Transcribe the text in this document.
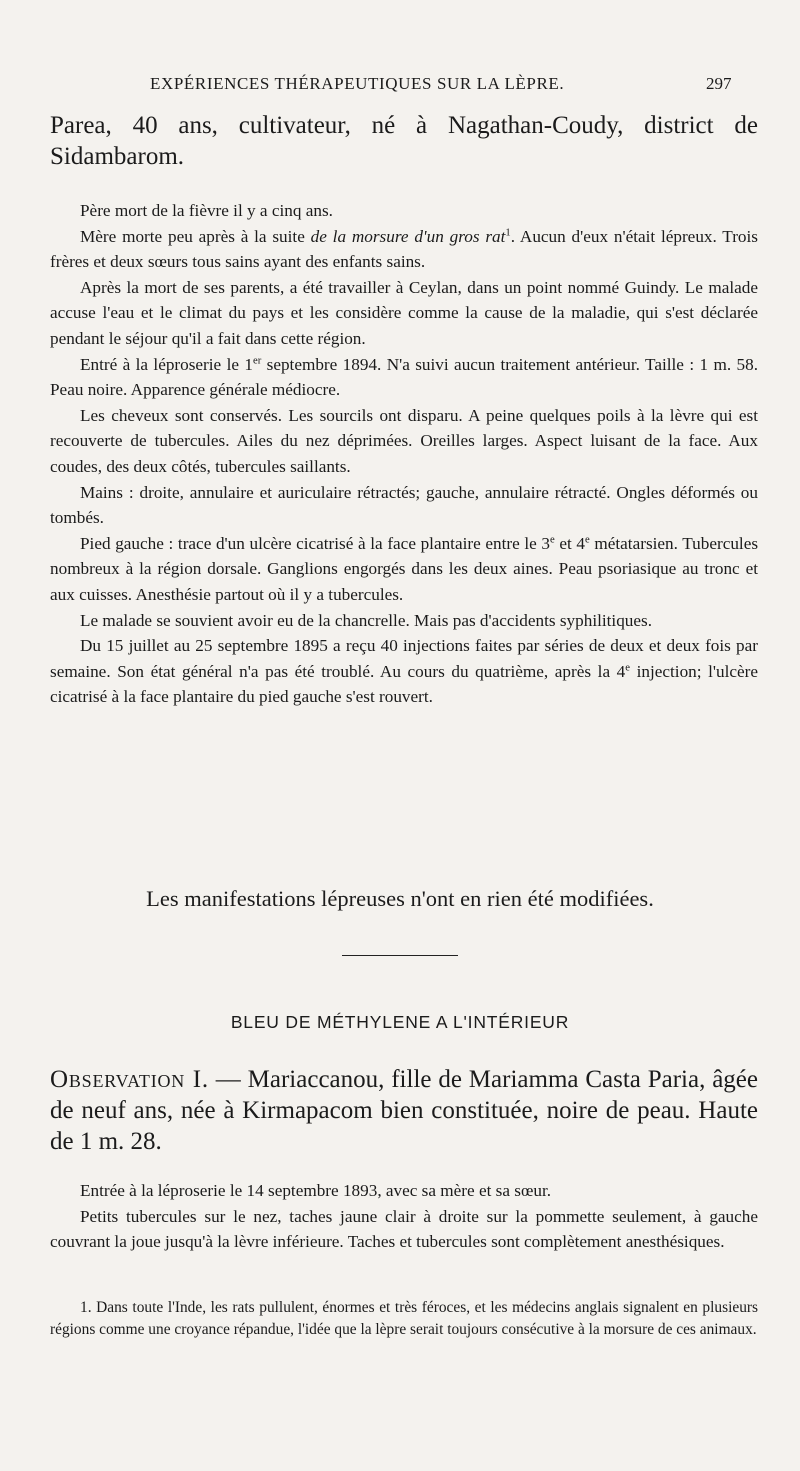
EXPÉRIENCES THÉRAPEUTIQUES SUR LA LÈPRE.	297

Parea, 40 ans, cultivateur, né à Nagathan-Coudy, district de Sidambarom.

Père mort de la fièvre il y a cinq ans.

Mère morte peu après à la suite de la morsure d'un gros rat$^1$. Aucun d'eux n'était lépreux. Trois frères et deux sœurs tous sains ayant des enfants sains.

Après la mort de ses parents, a été travailler à Ceylan, dans un point nommé Guindy. Le malade accuse l'eau et le climat du pays et les considère comme la cause de la maladie, qui s'est déclarée pendant le séjour qu'il a fait dans cette région.

Entré à la léproserie le 1er septembre 1894. N'a suivi aucun traitement antérieur. Taille : 1 m. 58. Peau noire. Apparence générale médiocre.

Les cheveux sont conservés. Les sourcils ont disparu. A peine quelques poils à la lèvre qui est recouverte de tubercules. Ailes du nez déprimées. Oreilles larges. Aspect luisant de la face. Aux coudes, des deux côtés, tubercules saillants.

Mains : droite, annulaire et auriculaire rétractés; gauche, annulaire rétracté. Ongles déformés ou tombés.

Pied gauche : trace d'un ulcère cicatrisé à la face plantaire entre le 3e et 4e métatarsien. Tubercules nombreux à la région dorsale. Ganglions engorgés dans les deux aines. Peau psoriasique au tronc et aux cuisses. Anesthésie partout où il y a tubercules.

Le malade se souvient avoir eu de la chancrelle. Mais pas d'accidents syphilitiques.

Du 15 juillet au 25 septembre 1895 a reçu 40 injections faites par séries de deux et deux fois par semaine. Son état général n'a pas été troublé. Au cours du quatrième, après la 4e injection; l'ulcère cicatrisé à la face plantaire du pied gauche s'est rouvert.

Les manifestations lépreuses n'ont en rien été modifiées.
BLEU DE MÉTHYLENE A L'INTÉRIEUR

Observation I. — Mariaccanou, fille de Mariamma Casta Paria, âgée de neuf ans, née à Kirmapacom bien constituée, noire de peau. Haute de 1 m. 28.

Entrée à la léproserie le 14 septembre 1893, avec sa mère et sa sœur.

Petits tubercules sur le nez, taches jaune clair à droite sur la pommette seulement, à gauche couvrant la joue jusqu'à la lèvre inférieure. Taches et tubercules sont complètement anesthésiques.

1. Dans toute l'Inde, les rats pullulent, énormes et très féroces, et les médecins anglais signalent en plusieurs régions comme une croyance répandue, l'idée que la lèpre serait toujours consécutive à la morsure de ces animaux.
